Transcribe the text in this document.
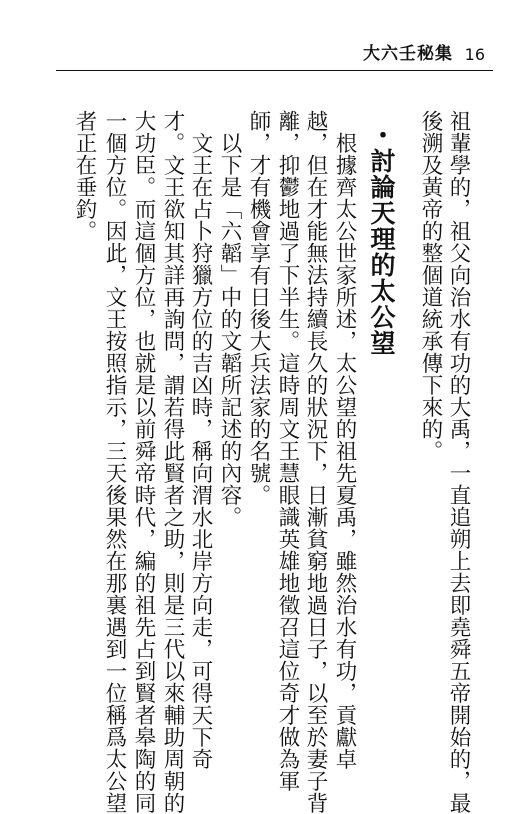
大六壬秘集 16
祖輩學的，祖父向治水有功的大禹，一直追朔上去即堯舜五帝開始的，最
後溯及黃帝的整個道統承傳下來的。
・討論天理的太公望
　根據齊太公世家所述，太公望的祖先夏禹，雖然治水有功，貢獻卓
越，但在才能無法持續長久的狀況下，日漸貧窮地過日子，以至於妻子背
離，抑鬱地過了下半生。這時周文王慧眼識英雄地徵召這位奇才做為軍
師，才有機會享有日後大兵法家的名號。
　以下是「六韜」中的文韜所記述的內容。
　文王在占卜狩獵方位的吉凶時，稱向渭水北岸方向走，可得天下奇
才。文王欲知其詳再詢問，謂若得此賢者之助，則是三代以來輔助周朝的
大功臣。而這個方位，也就是以前舜帝時代，編的祖先占到賢者皋陶的同
一個方位。因此，文王按照指示，三天後果然在那裏遇到一位稱爲太公望
者正在垂釣。
